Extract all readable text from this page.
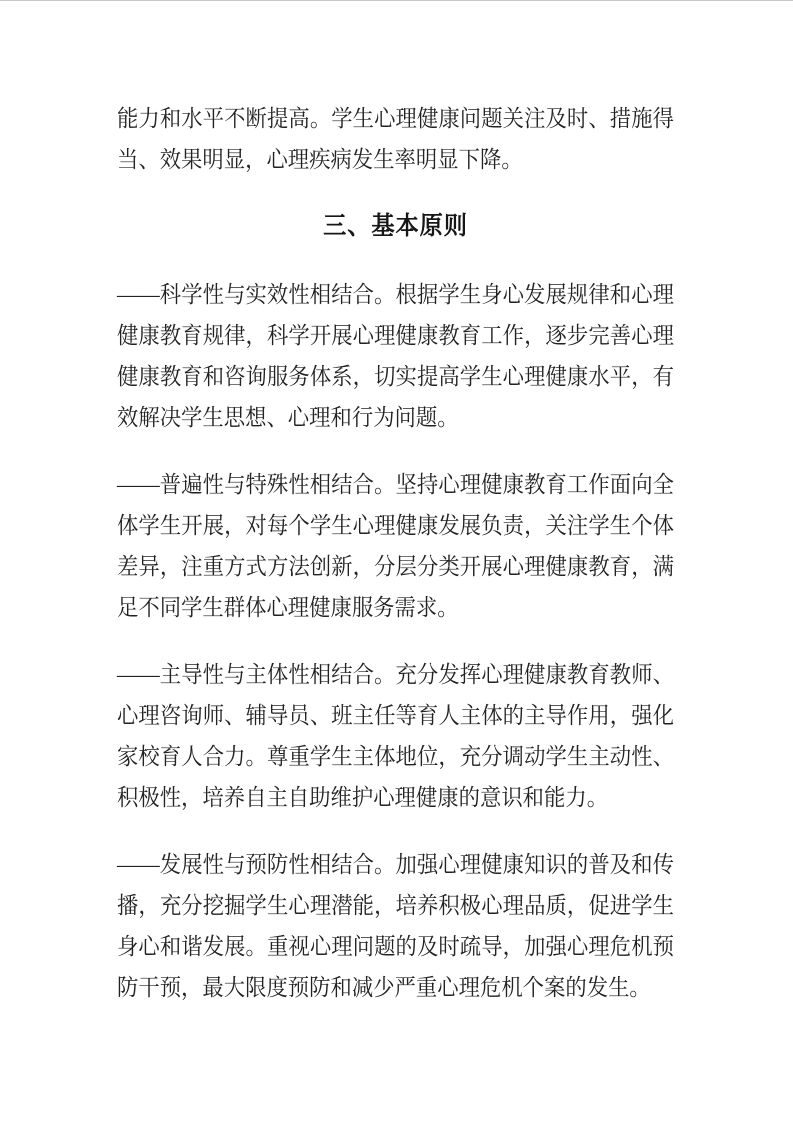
能力和水平不断提高。学生心理健康问题关注及时、措施得当、效果明显，心理疾病发生率明显下降。

三、基本原则

——科学性与实效性相结合。根据学生身心发展规律和心理健康教育规律，科学开展心理健康教育工作，逐步完善心理健康教育和咨询服务体系，切实提高学生心理健康水平，有效解决学生思想、心理和行为问题。

——普遍性与特殊性相结合。坚持心理健康教育工作面向全体学生开展，对每个学生心理健康发展负责，关注学生个体差异，注重方式方法创新，分层分类开展心理健康教育，满足不同学生群体心理健康服务需求。

——主导性与主体性相结合。充分发挥心理健康教育教师、心理咨询师、辅导员、班主任等育人主体的主导作用，强化家校育人合力。尊重学生主体地位，充分调动学生主动性、积极性，培养自主自助维护心理健康的意识和能力。

——发展性与预防性相结合。加强心理健康知识的普及和传播，充分挖掘学生心理潜能，培养积极心理品质，促进学生身心和谐发展。重视心理问题的及时疏导，加强心理危机预防干预，最大限度预防和减少严重心理危机个案的发生。
